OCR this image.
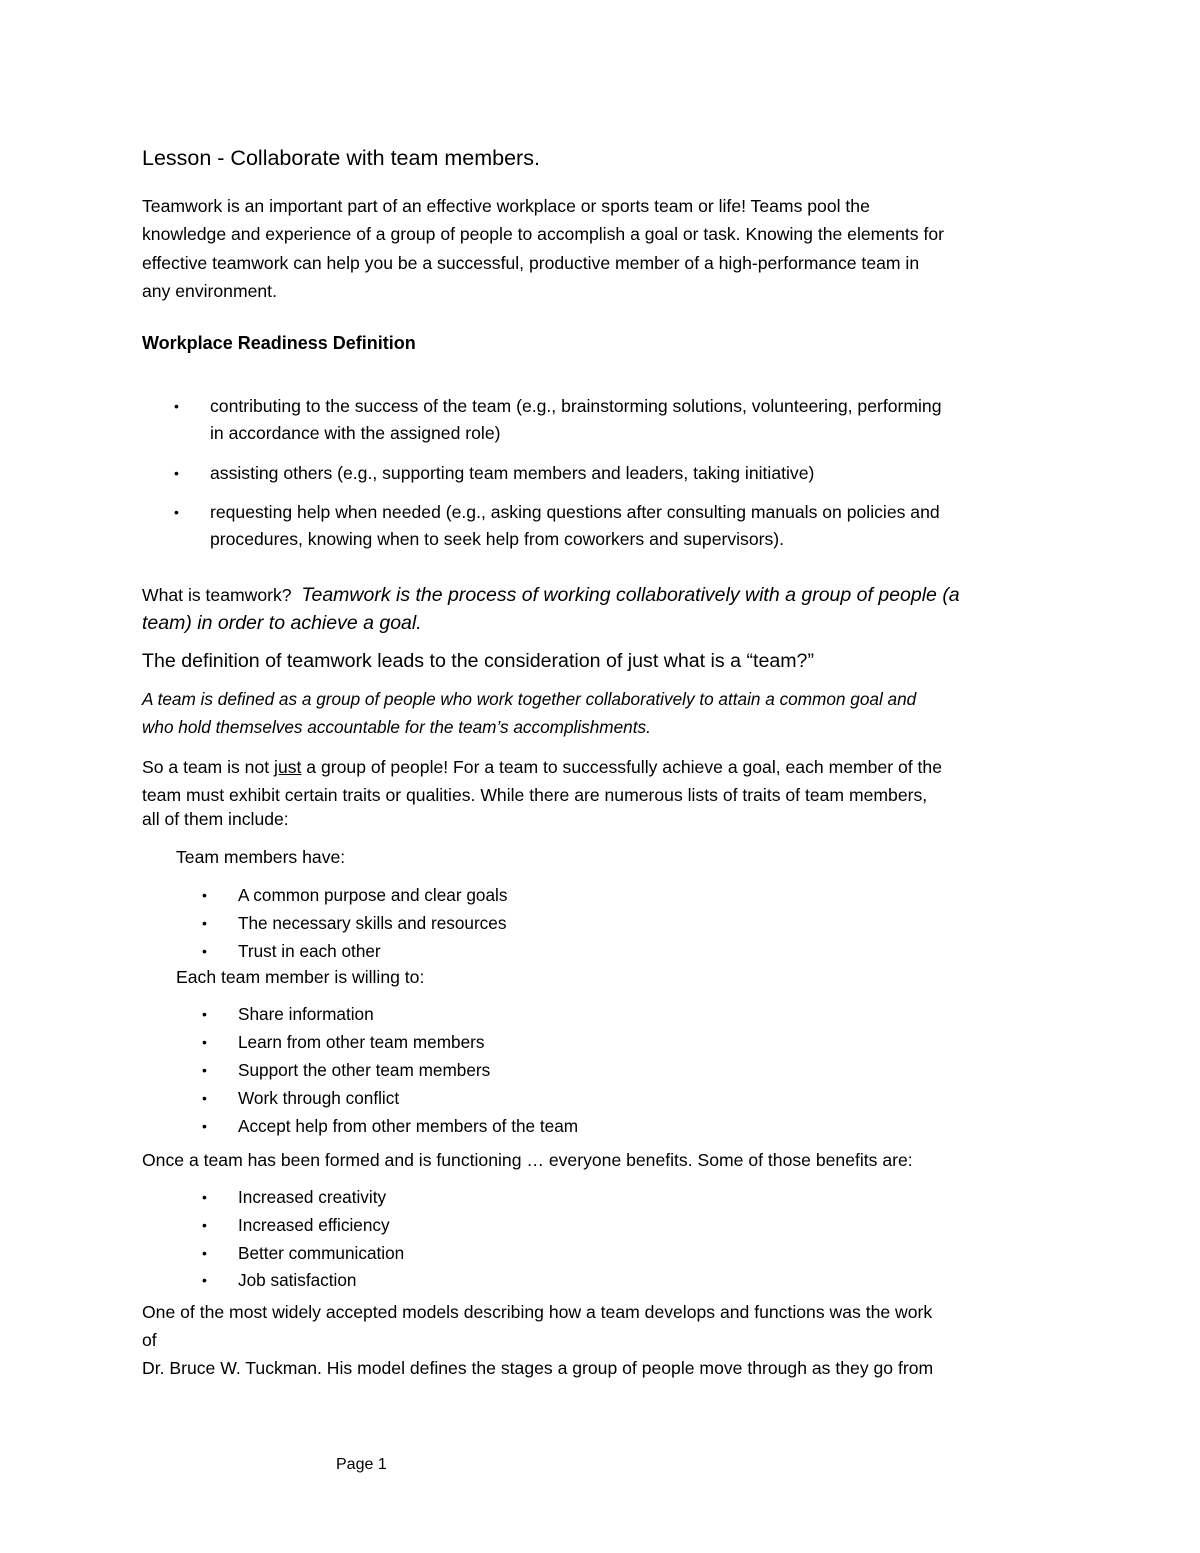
Lesson - Collaborate with team members.

Teamwork is an important part of an effective workplace or sports team or life! Teams pool the

knowledge and experience of a group of people to accomplish a goal or task. Knowing the elements for

effective teamwork can help you be a successful, productive member of a high-performance team in

any environment.

Workplace Readiness Definition

•	contributing to the success of the team (e.g., brainstorming solutions, volunteering, performing
in accordance with the assigned role)
•	assisting others (e.g., supporting team members and leaders, taking initiative)
•	requesting help when needed (e.g., asking questions after consulting manuals on policies and
procedures, knowing when to seek help from coworkers and supervisors).

What is teamwork? Teamwork is the process of working collaboratively with a group of people (a

team) in order to achieve a goal.

The definition of teamwork leads to the consideration of just what is a “team?”

A team is defined as a group of people who work together collaboratively to attain a common goal and

who hold themselves accountable for the team’s accomplishments.

So a team is not just a group of people! For a team to successfully achieve a goal, each member of the

team must exhibit certain traits or qualities. While there are numerous lists of traits of team members,

all of them include:

Team members have:

• A common purpose and clear goals
• The necessary skills and resources
• Trust in each other

Each team member is willing to:

• Share information
• Learn from other team members
• Support the other team members
• Work through conflict
• Accept help from other members of the team

Once a team has been formed and is functioning … everyone benefits. Some of those benefits are:

• Increased creativity
• Increased efficiency
• Better communication
• Job satisfaction

One of the most widely accepted models describing how a team develops and functions was the work

of

Dr. Bruce W. Tuckman. His model defines the stages a group of people move through as they go from

Page 1
